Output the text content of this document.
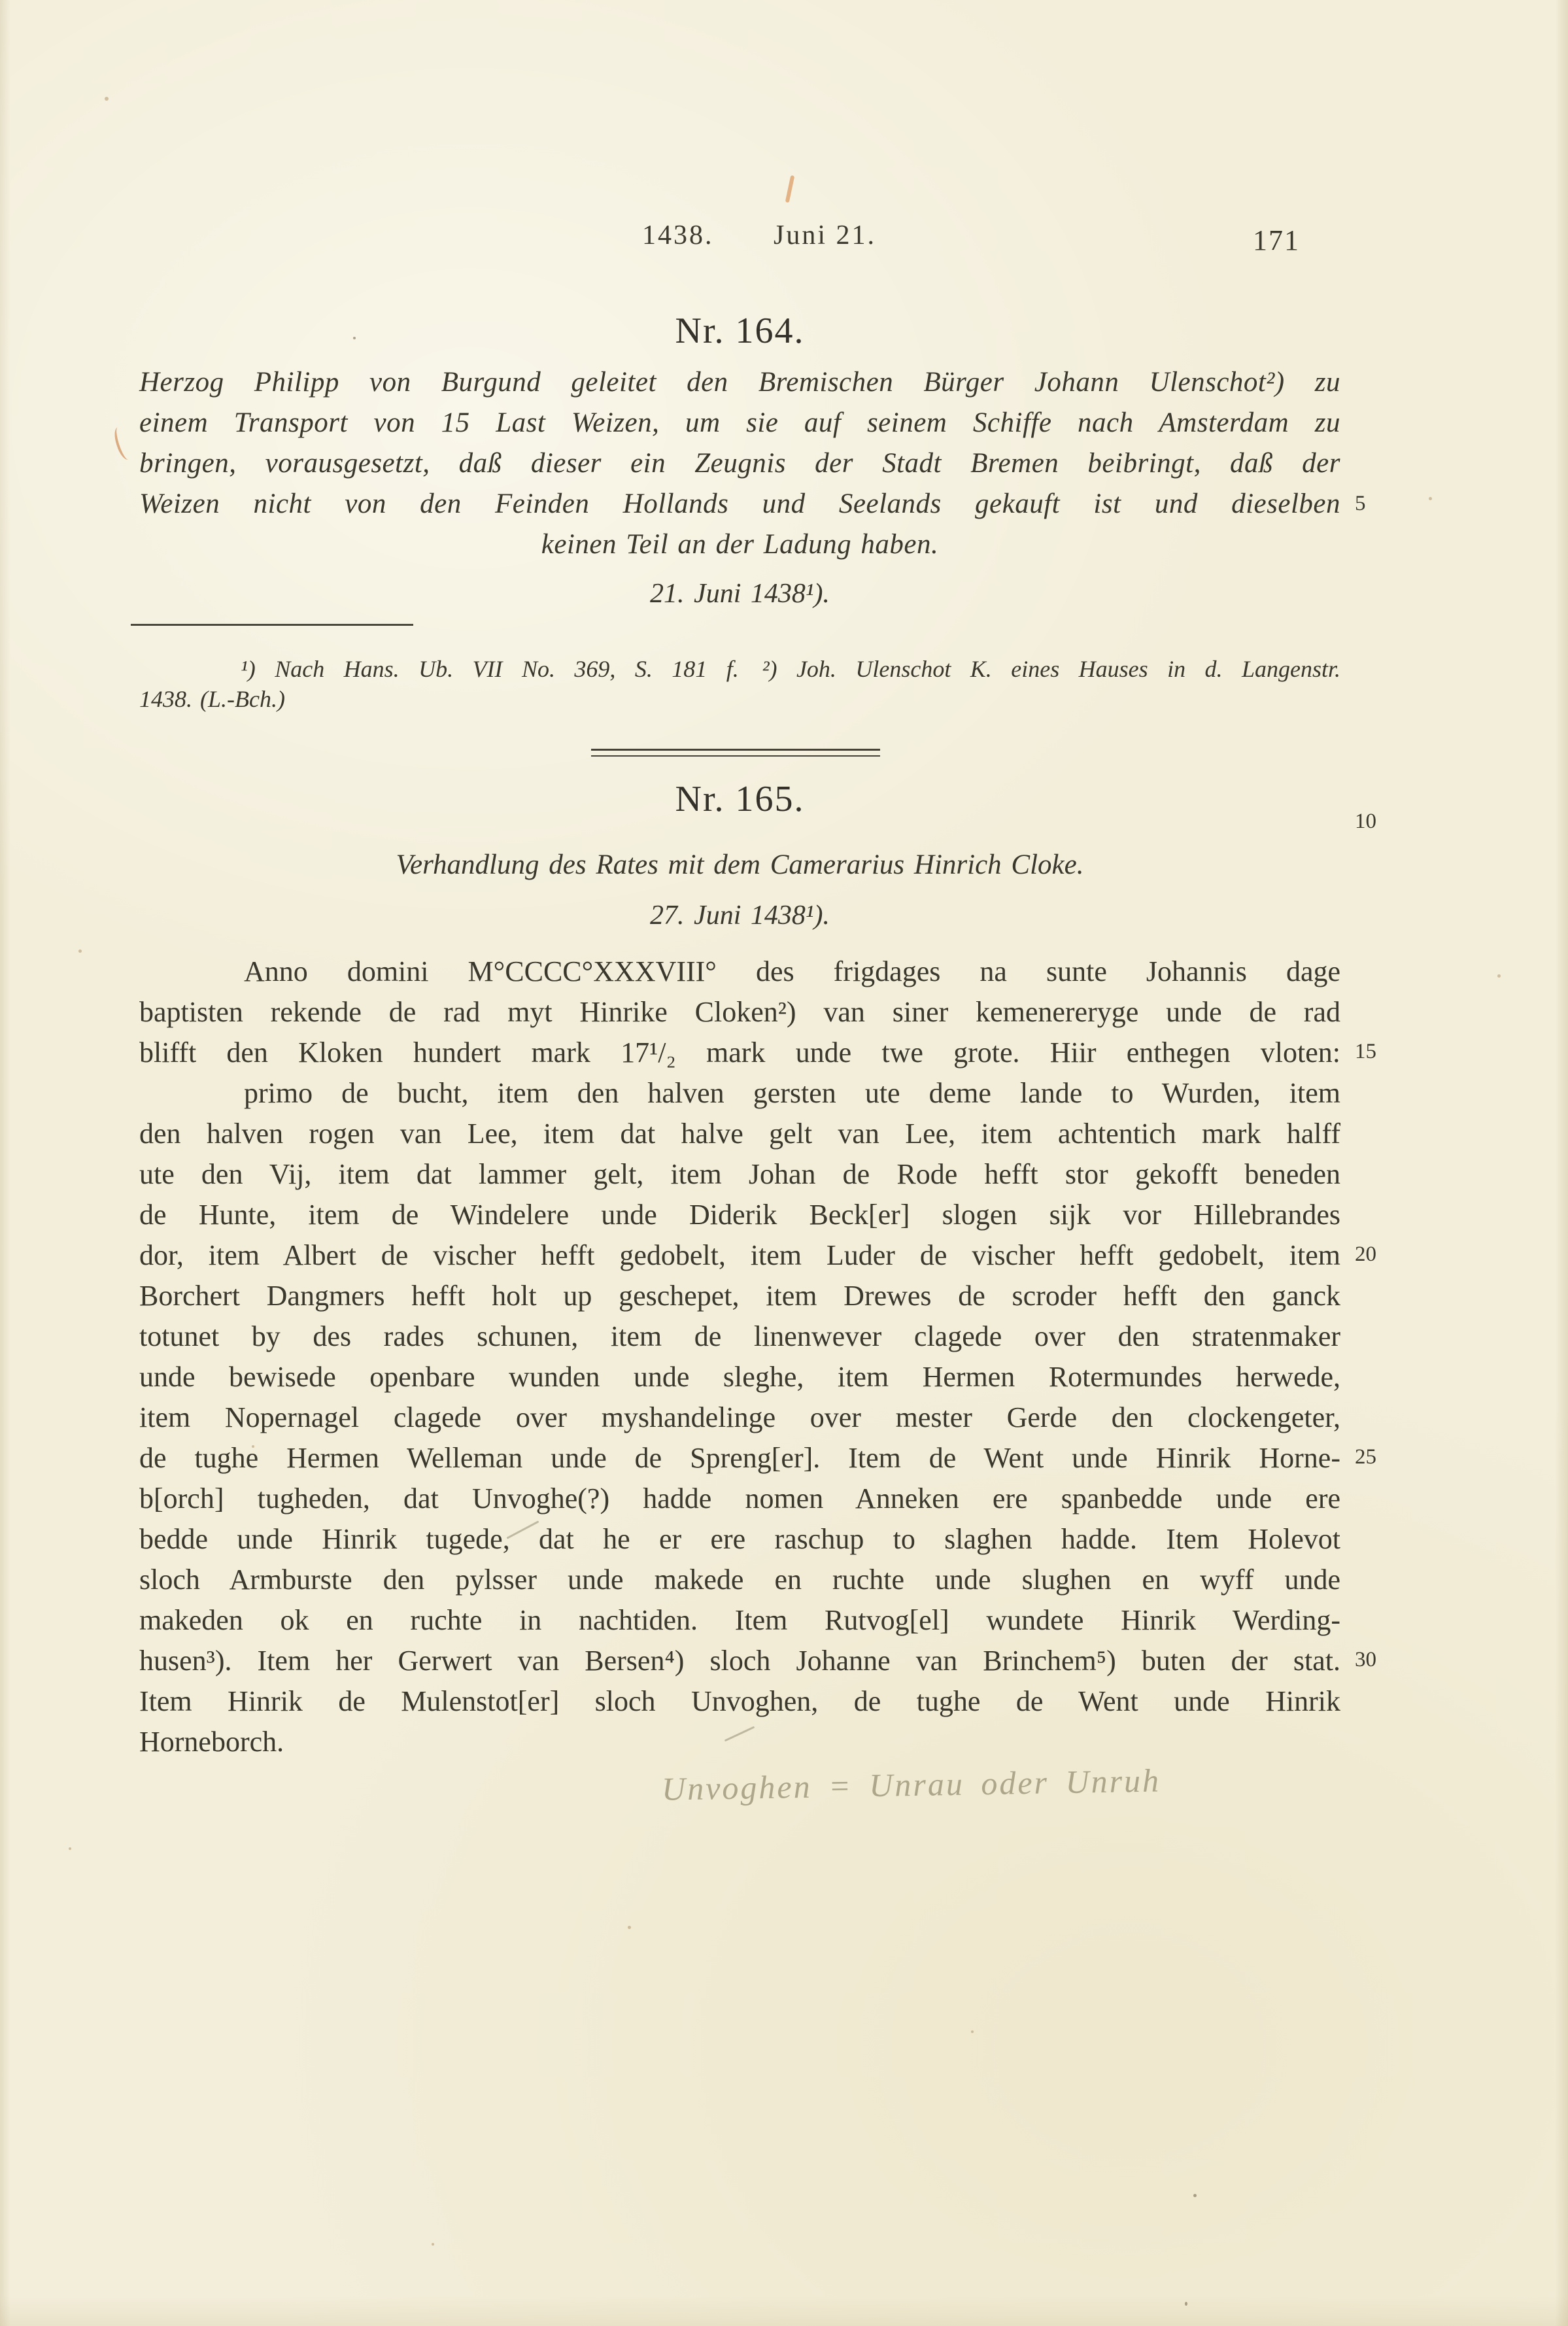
1438. Juni 21.	171
Nr. 164.
Herzog Philipp von Burgund geleitet den Bremischen Bürger Johann Ulenschot²) zu
einem Transport von 15 Last Weizen, um sie auf seinem Schiffe nach Amsterdam zu
bringen, vorausgesetzt, daß dieser ein Zeugnis der Stadt Bremen beibringt, daß der
Weizen nicht von den Feinden Hollands und Seelands gekauft ist und dieselben
keinen Teil an der Ladung haben.
21. Juni 1438¹).
¹) Nach Hans. Ub. VII No. 369, S. 181 f. ²) Joh. Ulenschot K. eines Hauses in d. Langenstr.
1438. (L.-Bch.)
Nr. 165.
Verhandlung des Rates mit dem Camerarius Hinrich Cloke.
27. Juni 1438¹).
Anno domini M°CCCC°XXXVIII° des frigdages na sunte Johannis dage
baptisten rekende de rad myt Hinrike Cloken²) van siner kemenereryge unde de rad
blifft den Kloken hundert mark 17¹/₂ mark unde twe grote. Hiir enthegen vloten:
primo de bucht, item den halven gersten ute deme lande to Wurden, item
den halven rogen van Lee, item dat halve gelt van Lee, item achtentich mark halff
ute den Vij, item dat lammer gelt, item Johan de Rode hefft stor gekofft beneden
de Hunte, item de Windelere unde Diderik Beck[er] slogen sijk vor Hillebrandes
dor, item Albert de vischer hefft gedobelt, item Luder de vischer hefft gedobelt, item
Borchert Dangmers hefft holt up geschepet, item Drewes de scroder hefft den ganck
totunet by des rades schunen, item de linenwever clagede over den stratenmaker
unde bewisede openbare wunden unde sleghe, item Hermen Rotermundes herwede,
item Nopernagel clagede over myshandelinge over mester Gerde den clockengeter,
de tughe Hermen Welleman unde de Spreng[er]. Item de Went unde Hinrik Horne-
b[orch] tugheden, dat Unvoghe(?) hadde nomen Anneken ere spanbedde unde ere
bedde unde Hinrik tugede, dat he er ere raschup to slaghen hadde. Item Holevot
sloch Armburste den pylsser unde makede en ruchte unde slughen en wyff unde
makeden ok en ruchte in nachtiden. Item Rutvog[el] wundete Hinrik Werding-
husen³). Item her Gerwert van Bersen⁴) sloch Johanne van Brinchem⁵) buten der stat.
Item Hinrik de Mulenstot[er] sloch Unvoghen, de tughe de Went unde Hinrik
Horneborch.
5
10
15
20
25
30
Unvoghen = Unrau oder Unruh
